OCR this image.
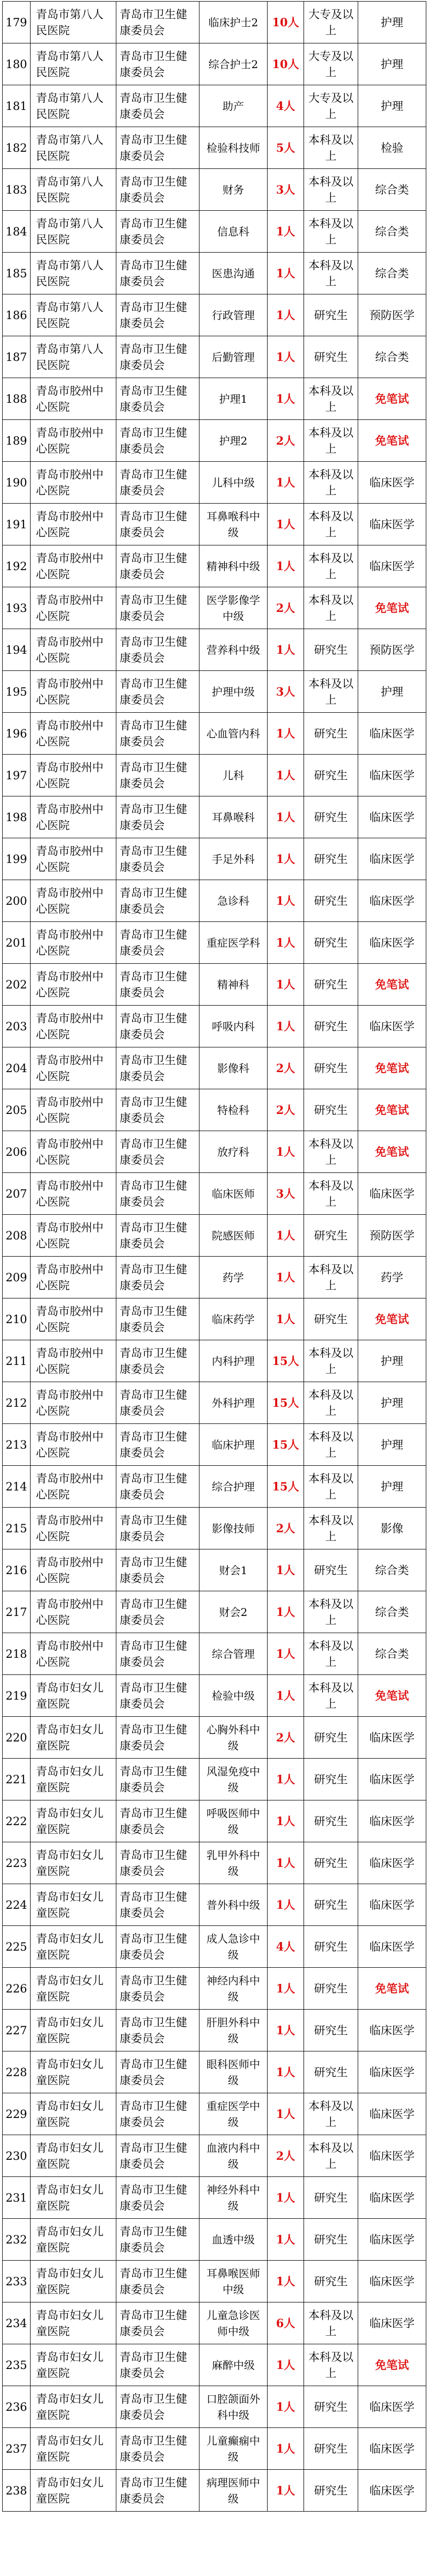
179	青岛市第八人民医院	青岛市卫生健康委员会	临床护士2	10人	大专及以上	护理
180	青岛市第八人民医院	青岛市卫生健康委员会	综合护士2	10人	大专及以上	护理
181	青岛市第八人民医院	青岛市卫生健康委员会	助产	4人	大专及以上	护理
182	青岛市第八人民医院	青岛市卫生健康委员会	检验科技师	5人	本科及以上	检验
183	青岛市第八人民医院	青岛市卫生健康委员会	财务	3人	本科及以上	综合类
184	青岛市第八人民医院	青岛市卫生健康委员会	信息科	1人	本科及以上	综合类
185	青岛市第八人民医院	青岛市卫生健康委员会	医患沟通	1人	本科及以上	综合类
186	青岛市第八人民医院	青岛市卫生健康委员会	行政管理	1人	研究生	预防医学
187	青岛市第八人民医院	青岛市卫生健康委员会	后勤管理	1人	研究生	综合类
188	青岛市胶州中心医院	青岛市卫生健康委员会	护理1	1人	本科及以上	免笔试
189	青岛市胶州中心医院	青岛市卫生健康委员会	护理2	2人	本科及以上	免笔试
190	青岛市胶州中心医院	青岛市卫生健康委员会	儿科中级	1人	本科及以上	临床医学
191	青岛市胶州中心医院	青岛市卫生健康委员会	耳鼻喉科中级	1人	本科及以上	临床医学
192	青岛市胶州中心医院	青岛市卫生健康委员会	精神科中级	1人	本科及以上	临床医学
193	青岛市胶州中心医院	青岛市卫生健康委员会	医学影像学中级	2人	本科及以上	免笔试
194	青岛市胶州中心医院	青岛市卫生健康委员会	营养科中级	1人	研究生	预防医学
195	青岛市胶州中心医院	青岛市卫生健康委员会	护理中级	3人	本科及以上	护理
196	青岛市胶州中心医院	青岛市卫生健康委员会	心血管内科	1人	研究生	临床医学
197	青岛市胶州中心医院	青岛市卫生健康委员会	儿科	1人	研究生	临床医学
198	青岛市胶州中心医院	青岛市卫生健康委员会	耳鼻喉科	1人	研究生	临床医学
199	青岛市胶州中心医院	青岛市卫生健康委员会	手足外科	1人	研究生	临床医学
200	青岛市胶州中心医院	青岛市卫生健康委员会	急诊科	1人	研究生	临床医学
201	青岛市胶州中心医院	青岛市卫生健康委员会	重症医学科	1人	研究生	临床医学
202	青岛市胶州中心医院	青岛市卫生健康委员会	精神科	1人	研究生	免笔试
203	青岛市胶州中心医院	青岛市卫生健康委员会	呼吸内科	1人	研究生	临床医学
204	青岛市胶州中心医院	青岛市卫生健康委员会	影像科	2人	研究生	免笔试
205	青岛市胶州中心医院	青岛市卫生健康委员会	特检科	2人	研究生	免笔试
206	青岛市胶州中心医院	青岛市卫生健康委员会	放疗科	1人	本科及以上	免笔试
207	青岛市胶州中心医院	青岛市卫生健康委员会	临床医师	3人	本科及以上	临床医学
208	青岛市胶州中心医院	青岛市卫生健康委员会	院感医师	1人	研究生	预防医学
209	青岛市胶州中心医院	青岛市卫生健康委员会	药学	1人	本科及以上	药学
210	青岛市胶州中心医院	青岛市卫生健康委员会	临床药学	1人	研究生	免笔试
211	青岛市胶州中心医院	青岛市卫生健康委员会	内科护理	15人	本科及以上	护理
212	青岛市胶州中心医院	青岛市卫生健康委员会	外科护理	15人	本科及以上	护理
213	青岛市胶州中心医院	青岛市卫生健康委员会	临床护理	15人	本科及以上	护理
214	青岛市胶州中心医院	青岛市卫生健康委员会	综合护理	15人	本科及以上	护理
215	青岛市胶州中心医院	青岛市卫生健康委员会	影像技师	2人	本科及以上	影像
216	青岛市胶州中心医院	青岛市卫生健康委员会	财会1	1人	研究生	综合类
217	青岛市胶州中心医院	青岛市卫生健康委员会	财会2	1人	本科及以上	综合类
218	青岛市胶州中心医院	青岛市卫生健康委员会	综合管理	1人	本科及以上	综合类
219	青岛市妇女儿童医院	青岛市卫生健康委员会	检验中级	1人	本科及以上	免笔试
220	青岛市妇女儿童医院	青岛市卫生健康委员会	心胸外科中级	2人	研究生	临床医学
221	青岛市妇女儿童医院	青岛市卫生健康委员会	风湿免疫中级	1人	研究生	临床医学
222	青岛市妇女儿童医院	青岛市卫生健康委员会	呼吸医师中级	1人	研究生	临床医学
223	青岛市妇女儿童医院	青岛市卫生健康委员会	乳甲外科中级	1人	研究生	临床医学
224	青岛市妇女儿童医院	青岛市卫生健康委员会	普外科中级	1人	研究生	临床医学
225	青岛市妇女儿童医院	青岛市卫生健康委员会	成人急诊中级	4人	研究生	临床医学
226	青岛市妇女儿童医院	青岛市卫生健康委员会	神经内科中级	1人	研究生	免笔试
227	青岛市妇女儿童医院	青岛市卫生健康委员会	肝胆外科中级	1人	研究生	临床医学
228	青岛市妇女儿童医院	青岛市卫生健康委员会	眼科医师中级	1人	研究生	临床医学
229	青岛市妇女儿童医院	青岛市卫生健康委员会	重症医学中级	1人	本科及以上	临床医学
230	青岛市妇女儿童医院	青岛市卫生健康委员会	血液内科中级	2人	本科及以上	临床医学
231	青岛市妇女儿童医院	青岛市卫生健康委员会	神经外科中级	1人	研究生	临床医学
232	青岛市妇女儿童医院	青岛市卫生健康委员会	血透中级	1人	研究生	临床医学
233	青岛市妇女儿童医院	青岛市卫生健康委员会	耳鼻喉医师中级	1人	研究生	临床医学
234	青岛市妇女儿童医院	青岛市卫生健康委员会	儿童急诊医师中级	6人	本科及以上	临床医学
235	青岛市妇女儿童医院	青岛市卫生健康委员会	麻醉中级	1人	本科及以上	免笔试
236	青岛市妇女儿童医院	青岛市卫生健康委员会	口腔颌面外科中级	1人	研究生	临床医学
237	青岛市妇女儿童医院	青岛市卫生健康委员会	儿童癫痫中级	1人	研究生	临床医学
238	青岛市妇女儿童医院	青岛市卫生健康委员会	病理医师中级	1人	研究生	临床医学
